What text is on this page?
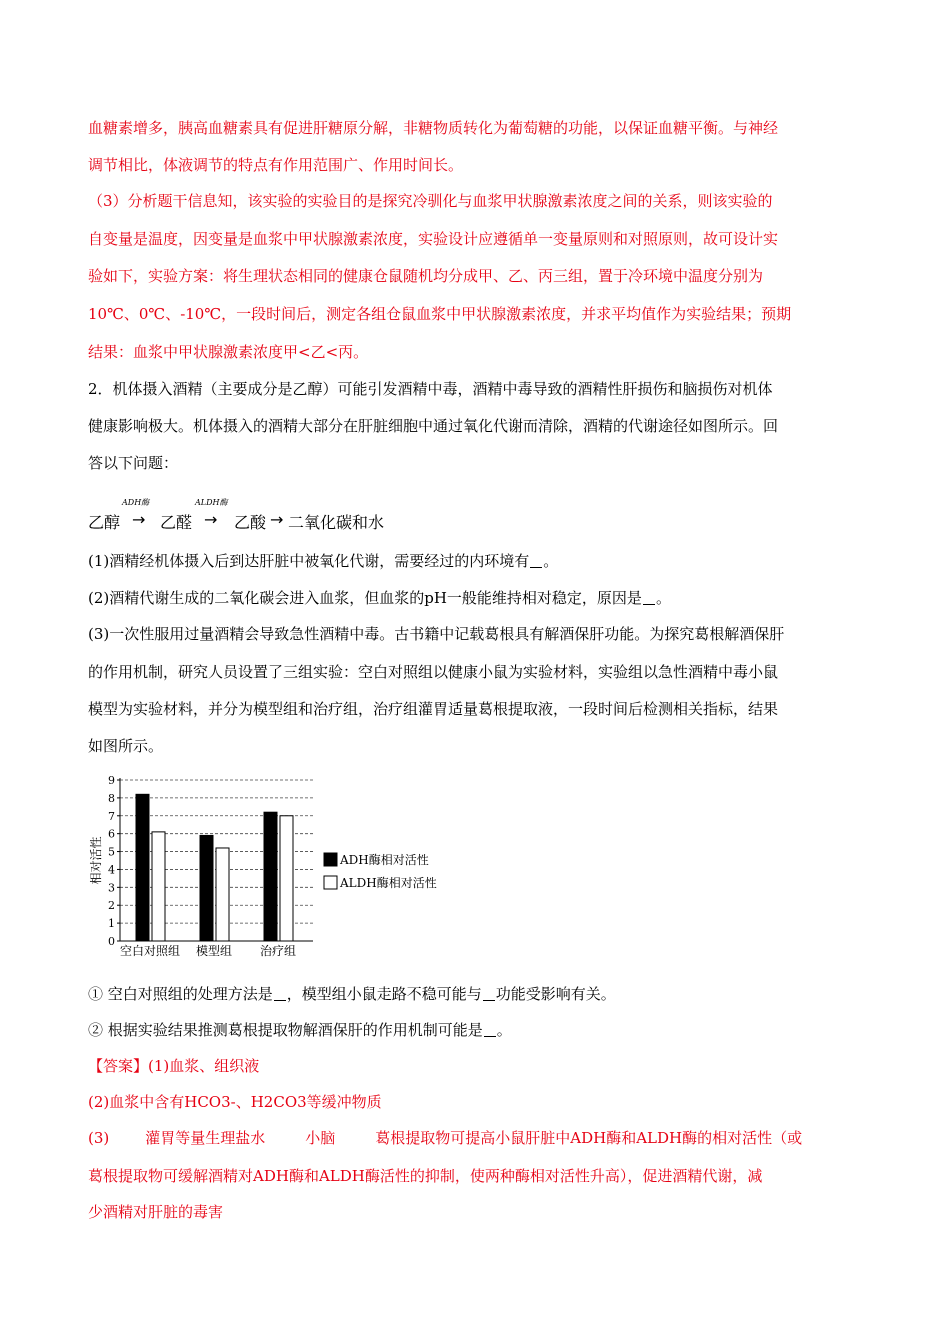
血糖素增多，胰高血糖素具有促进肝糖原分解，非糖物质转化为葡萄糖的功能，以保证血糖平衡。与神经
调节相比，体液调节的特点有作用范围广、作用时间长。
（3）分析题干信息知，该实验的实验目的是探究冷驯化与血浆甲状腺激素浓度之间的关系，则该实验的
自变量是温度，因变量是血浆中甲状腺激素浓度，实验设计应遵循单一变量原则和对照原则，故可设计实
验如下，实验方案：将生理状态相同的健康仓鼠随机均分成甲、乙、丙三组，置于冷环境中温度分别为
10℃、0℃、-10℃，一段时间后，测定各组仓鼠血浆中甲状腺激素浓度，并求平均值作为实验结果；预期
结果：血浆中甲状腺激素浓度甲<乙<丙。
2．机体摄入酒精（主要成分是乙醇）可能引发酒精中毒，酒精中毒导致的酒精性肝损伤和脑损伤对机体
健康影响极大。机体摄入的酒精大部分在肝脏细胞中通过氧化代谢而清除，酒精的代谢途径如图所示。回
答以下问题：
ADH酶	ALDH酶
乙醇 → 乙醛 → 乙酸 → 二氧化碳和水
(1)酒精经机体摄入后到达肝脏中被氧化代谢，需要经过的内环境有 。
(2)酒精代谢生成的二氧化碳会进入血浆，但血浆的pH一般能维持相对稳定，原因是 。
(3)一次性服用过量酒精会导致急性酒精中毒。古书籍中记载葛根具有解酒保肝功能。为探究葛根解酒保肝
的作用机制，研究人员设置了三组实验：空白对照组以健康小鼠为实验材料，实验组以急性酒精中毒小鼠
模型为实验材料，并分为模型组和治疗组，治疗组灌胃适量葛根提取液，一段时间后检测相关指标，结果
如图所示。
0
1
2
3
4
5
6
7
8
9
相对活性
空白对照组 模型组 治疗组
ADH酶相对活性
ALDH酶相对活性
① 空白对照组的处理方法是 ，模型组小鼠走路不稳可能与 功能受影响有关。
② 根据实验结果推测葛根提取物解酒保肝的作用机制可能是 。
【答案】(1)血浆、组织液
(2)血浆中含有HCO3-、H2CO3等缓冲物质
(3) 灌胃等量生理盐水	小脑	葛根提取物可提高小鼠肝脏中ADH酶和ALDH酶的相对活性（或
葛根提取物可缓解酒精对ADH酶和ALDH酶活性的抑制，使两种酶相对活性升高），促进酒精代谢，减
少酒精对肝脏的毒害
